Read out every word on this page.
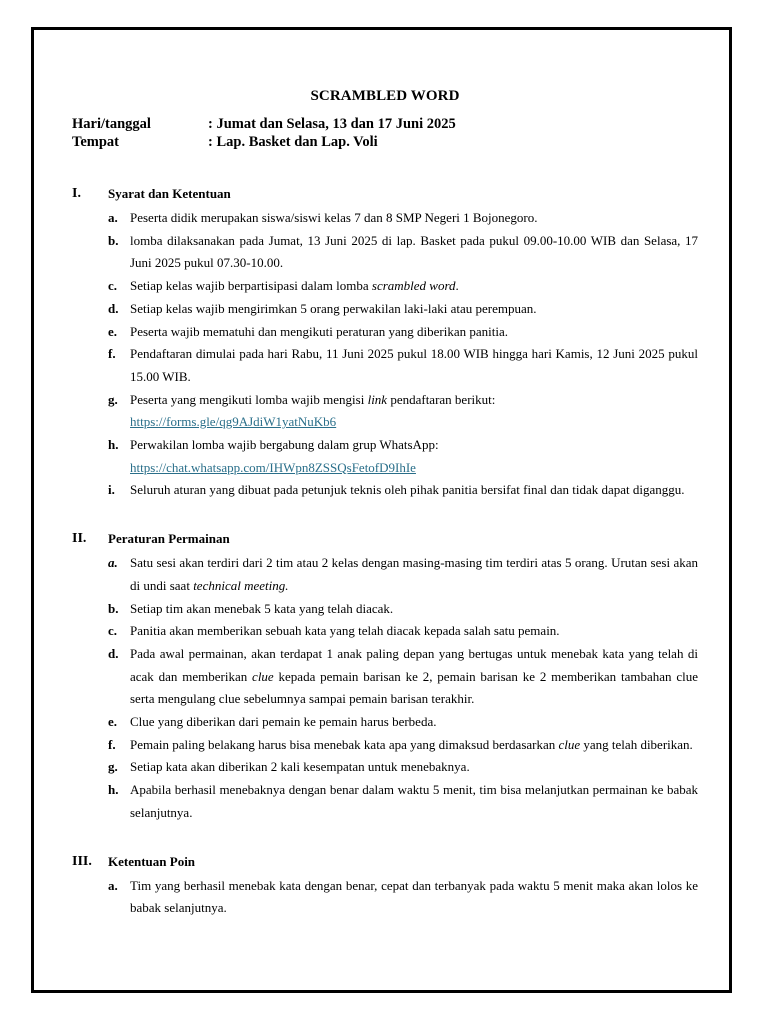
SCRAMBLED WORD
Hari/tanggal	: Jumat dan Selasa, 13 dan 17 Juni 2025
Tempat	: Lap. Basket dan Lap. Voli
I.	Syarat dan Ketentuan
a. Peserta didik merupakan siswa/siswi kelas 7 dan 8 SMP Negeri 1 Bojonegoro.
b. lomba dilaksanakan pada Jumat, 13 Juni 2025 di lap. Basket pada pukul 09.00-10.00 WIB dan Selasa, 17 Juni 2025 pukul 07.30-10.00.
c. Setiap kelas wajib berpartisipasi dalam lomba scrambled word.
d. Setiap kelas wajib mengirimkan 5 orang perwakilan laki-laki atau perempuan.
e. Peserta wajib mematuhi dan mengikuti peraturan yang diberikan panitia.
f.	Pendaftaran dimulai pada hari Rabu, 11 Juni 2025 pukul 18.00 WIB hingga hari Kamis, 12 Juni 2025 pukul 15.00 WIB.
g. Peserta yang mengikuti lomba wajib mengisi link pendaftaran berikut:
https://forms.gle/qg9AJdiW1yatNuKb6
h. Perwakilan lomba wajib bergabung dalam grup WhatsApp:
https://chat.whatsapp.com/IHWpn8ZSSQsFetofD9IhIe
i.	Seluruh aturan yang dibuat pada petunjuk teknis oleh pihak panitia bersifat final dan tidak dapat diganggu.
II.	Peraturan Permainan
a. Satu sesi akan terdiri dari 2 tim atau 2 kelas dengan masing-masing tim terdiri atas 5 orang. Urutan sesi akan di undi saat technical meeting.
b. Setiap tim akan menebak 5 kata yang telah diacak.
c. Panitia akan memberikan sebuah kata yang telah diacak kepada salah satu pemain.
d. Pada awal permainan, akan terdapat 1 anak paling depan yang bertugas untuk menebak kata yang telah di acak dan memberikan clue kepada pemain barisan ke 2, pemain barisan ke 2 memberikan tambahan clue serta mengulang clue sebelumnya sampai pemain barisan terakhir.
e. Clue yang diberikan dari pemain ke pemain harus berbeda.
f.	Pemain paling belakang harus bisa menebak kata apa yang dimaksud berdasarkan clue yang telah diberikan.
g. Setiap kata akan diberikan 2 kali kesempatan untuk menebaknya.
h. Apabila berhasil menebaknya dengan benar dalam waktu 5 menit, tim bisa melanjutkan permainan ke babak selanjutnya.
III.	Ketentuan Poin
a. Tim yang berhasil menebak kata dengan benar, cepat dan terbanyak pada waktu 5 menit maka akan lolos ke babak selanjutnya.
